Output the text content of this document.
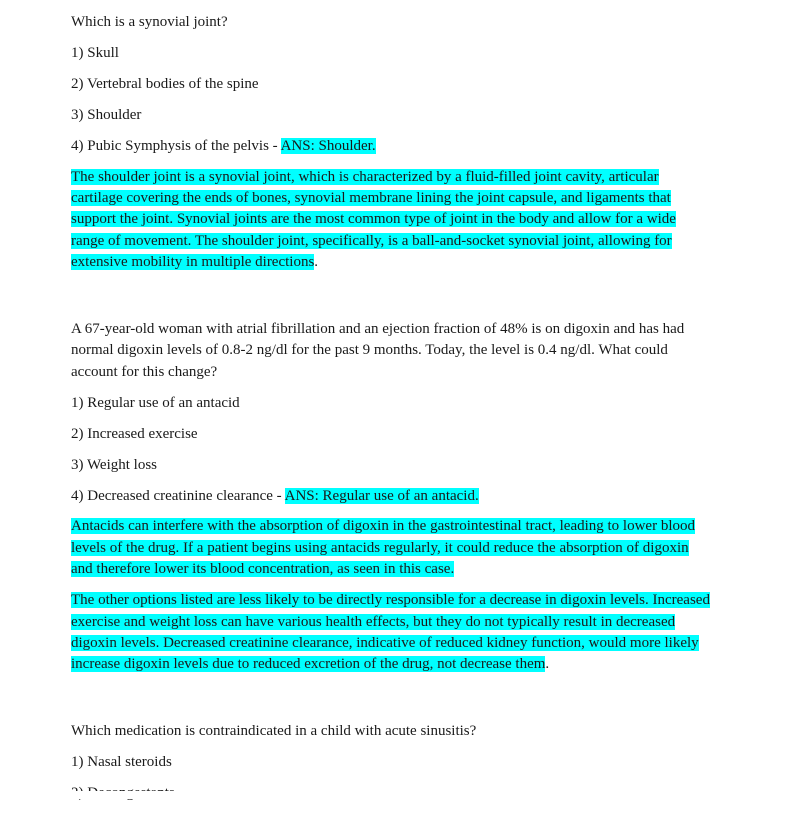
Which is a synovial joint?

1) Skull

2) Vertebral bodies of the spine

3) Shoulder

4) Pubic Symphysis of the pelvis - ANS: Shoulder.

The shoulder joint is a synovial joint, which is characterized by a fluid-filled joint cavity, articular cartilage covering the ends of bones, synovial membrane lining the joint capsule, and ligaments that support the joint. Synovial joints are the most common type of joint in the body and allow for a wide range of movement. The shoulder joint, specifically, is a ball-and-socket synovial joint, allowing for extensive mobility in multiple directions.

A 67-year-old woman with atrial fibrillation and an ejection fraction of 48% is on digoxin and has had normal digoxin levels of 0.8-2 ng/dl for the past 9 months. Today, the level is 0.4 ng/dl. What could account for this change?

1) Regular use of an antacid

2) Increased exercise

3) Weight loss

4) Decreased creatinine clearance - ANS: Regular use of an antacid.

Antacids can interfere with the absorption of digoxin in the gastrointestinal tract, leading to lower blood levels of the drug. If a patient begins using antacids regularly, it could reduce the absorption of digoxin and therefore lower its blood concentration, as seen in this case.

The other options listed are less likely to be directly responsible for a decrease in digoxin levels. Increased exercise and weight loss can have various health effects, but they do not typically result in decreased digoxin levels. Decreased creatinine clearance, indicative of reduced kidney function, would more likely increase digoxin levels due to reduced excretion of the drug, not decrease them.

Which medication is contraindicated in a child with acute sinusitis?

1) Nasal steroids
